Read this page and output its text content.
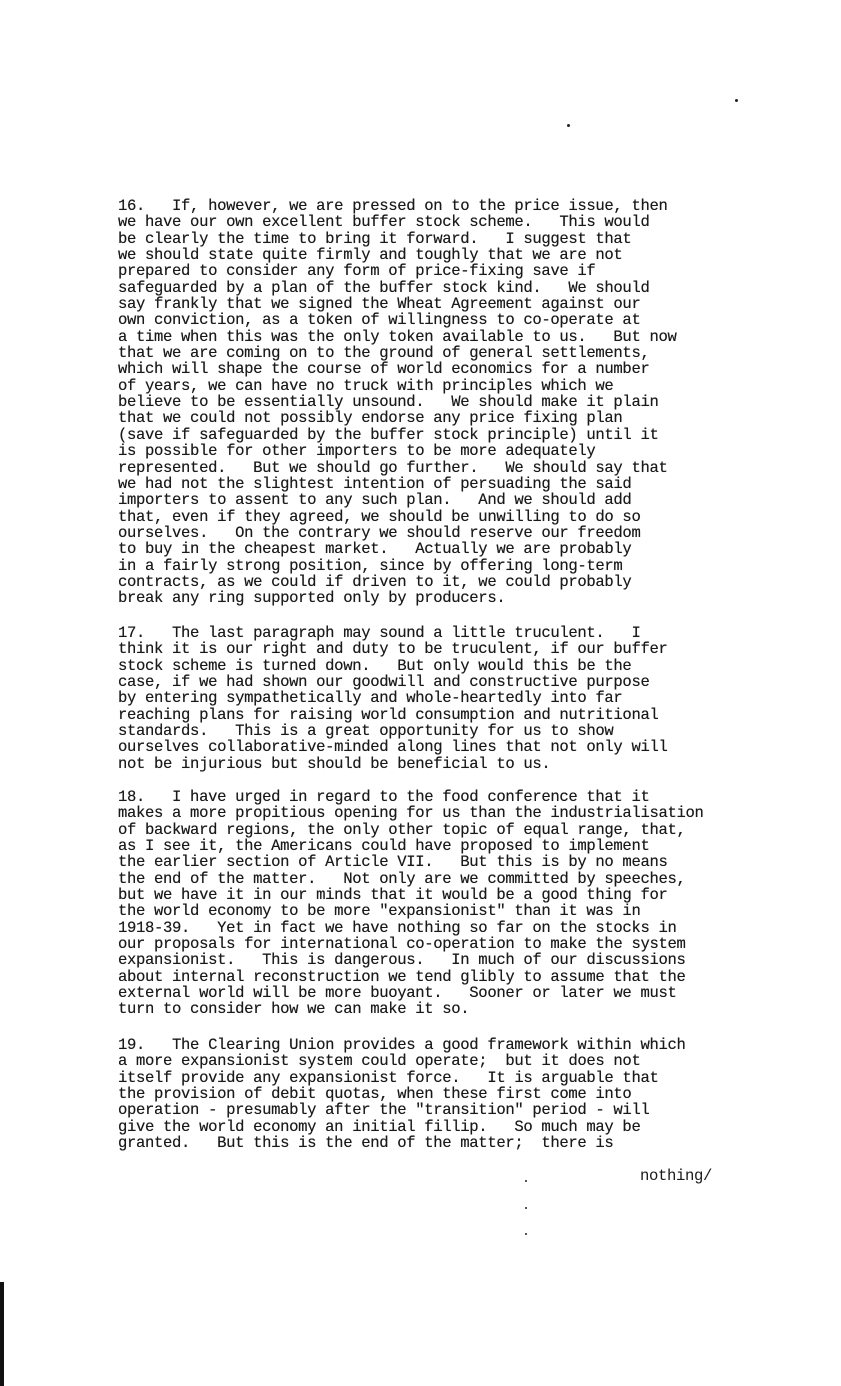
16.   If, however, we are pressed on to the price issue, then
we have our own excellent buffer stock scheme.   This would
be clearly the time to bring it forward.   I suggest that
we should state quite firmly and toughly that we are not
prepared to consider any form of price-fixing save if
safeguarded by a plan of the buffer stock kind.   We should
say frankly that we signed the Wheat Agreement against our
own conviction, as a token of willingness to co-operate at
a time when this was the only token available to us.   But now
that we are coming on to the ground of general settlements,
which will shape the course of world economics for a number
of years, we can have no truck with principles which we
believe to be essentially unsound.   We should make it plain
that we could not possibly endorse any price fixing plan
(save if safeguarded by the buffer stock principle) until it
is possible for other importers to be more adequately
represented.   But we should go further.   We should say that
we had not the slightest intention of persuading the said
importers to assent to any such plan.   And we should add
that, even if they agreed, we should be unwilling to do so
ourselves.   On the contrary we should reserve our freedom
to buy in the cheapest market.   Actually we are probably
in a fairly strong position, since by offering long-term
contracts, as we could if driven to it, we could probably
break any ring supported only by producers.
17.   The last paragraph may sound a little truculent.   I
think it is our right and duty to be truculent, if our buffer
stock scheme is turned down.   But only would this be the
case, if we had shown our goodwill and constructive purpose
by entering sympathetically and whole-heartedly into far
reaching plans for raising world consumption and nutritional
standards.   This is a great opportunity for us to show
ourselves collaborative-minded along lines that not only will
not be injurious but should be beneficial to us.
18.   I have urged in regard to the food conference that it
makes a more propitious opening for us than the industrialisation
of backward regions, the only other topic of equal range, that,
as I see it, the Americans could have proposed to implement
the earlier section of Article VII.   But this is by no means
the end of the matter.   Not only are we committed by speeches,
but we have it in our minds that it would be a good thing for
the world economy to be more "expansionist" than it was in
1918-39.   Yet in fact we have nothing so far on the stocks in
our proposals for international co-operation to make the system
expansionist.   This is dangerous.   In much of our discussions
about internal reconstruction we tend glibly to assume that the
external world will be more buoyant.   Sooner or later we must
turn to consider how we can make it so.
19.   The Clearing Union provides a good framework within which
a more expansionist system could operate;  but it does not
itself provide any expansionist force.   It is arguable that
the provision of debit quotas, when these first come into
operation - presumably after the "transition" period - will
give the world economy an initial fillip.   So much may be
granted.   But this is the end of the matter;  there is
nothing/
